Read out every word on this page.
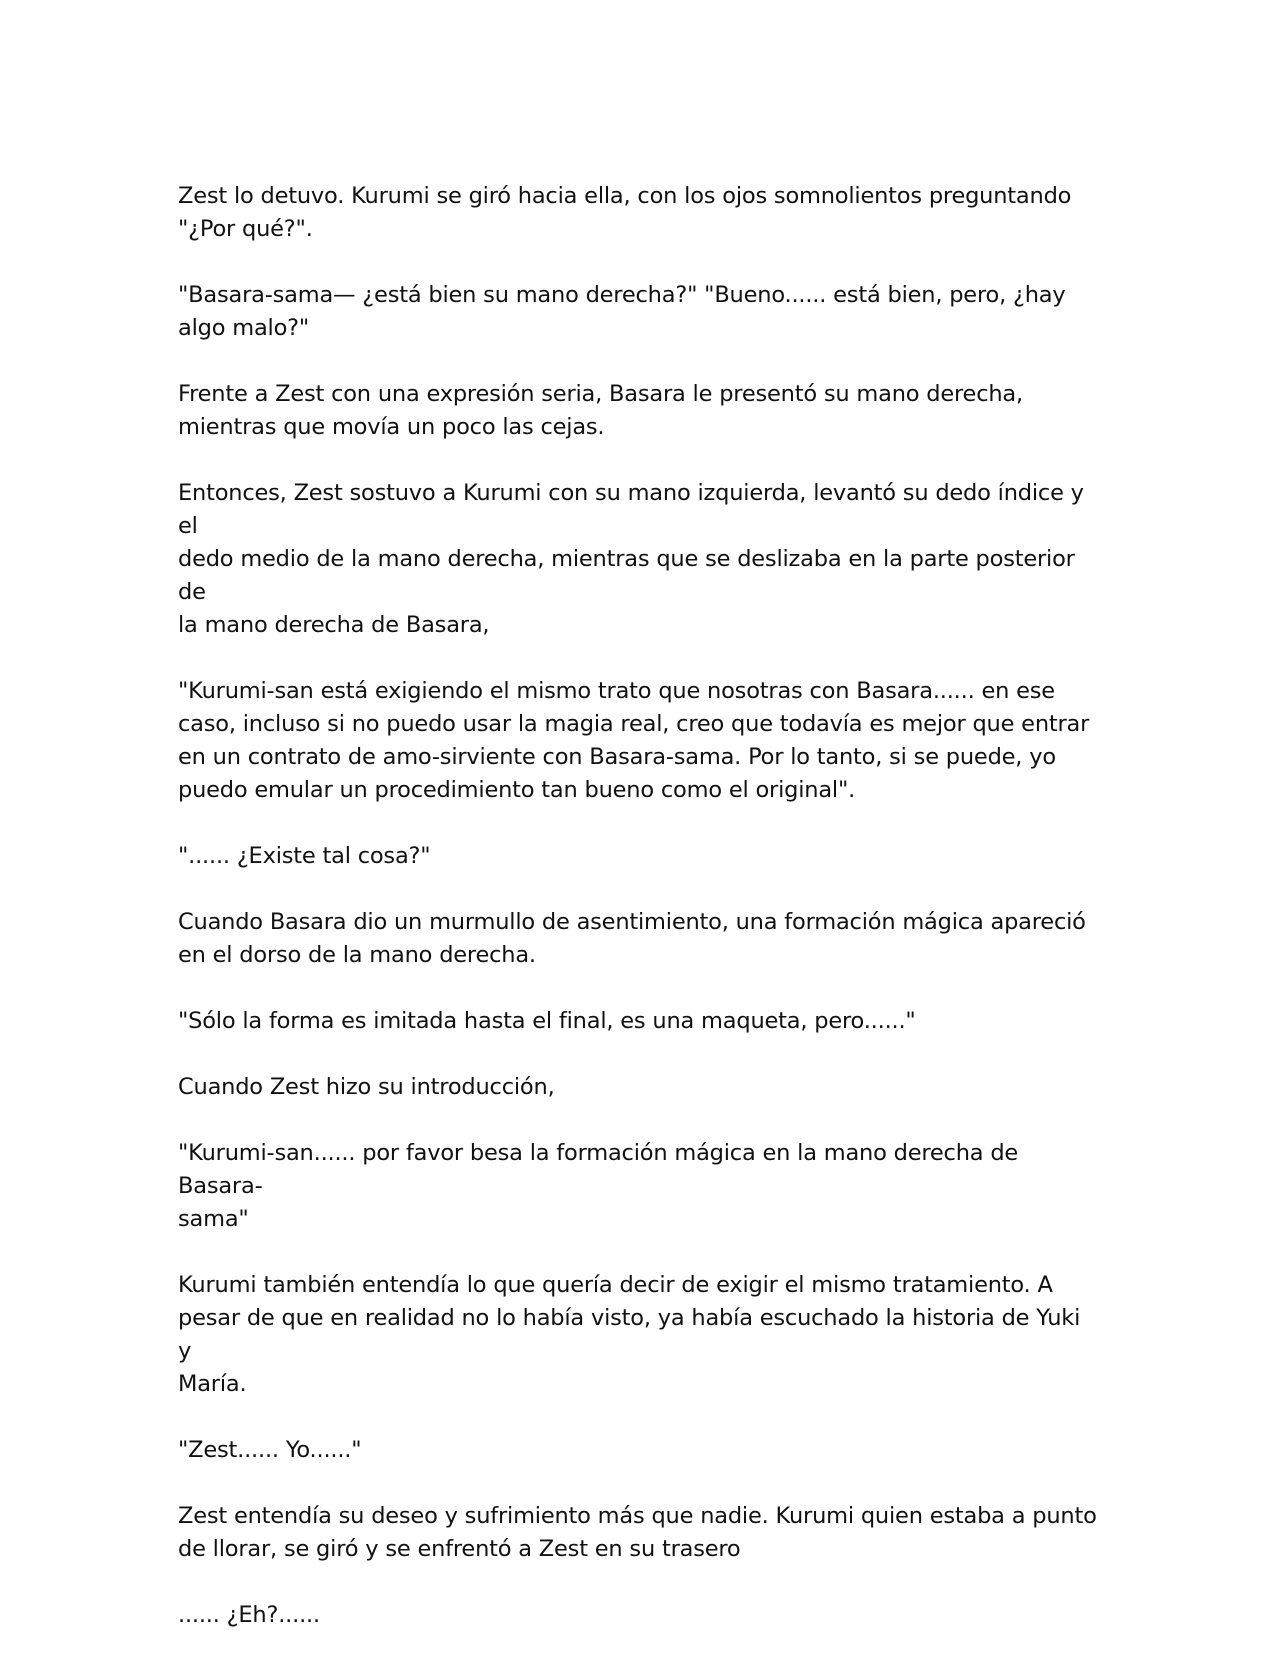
Zest lo detuvo. Kurumi se giró hacia ella, con los ojos somnolientos preguntando
"¿Por qué?".

"Basara-sama— ¿está bien su mano derecha?" "Bueno...... está bien, pero, ¿hay
algo malo?"

Frente a Zest con una expresión seria, Basara le presentó su mano derecha,
mientras que movía un poco las cejas.

Entonces, Zest sostuvo a Kurumi con su mano izquierda, levantó su dedo índice y el
dedo medio de la mano derecha, mientras que se deslizaba en la parte posterior de
la mano derecha de Basara,

"Kurumi-san está exigiendo el mismo trato que nosotras con Basara...... en ese
caso, incluso si no puedo usar la magia real, creo que todavía es mejor que entrar
en un contrato de amo-sirviente con Basara-sama. Por lo tanto, si se puede, yo
puedo emular un procedimiento tan bueno como el original".

"...... ¿Existe tal cosa?"

Cuando Basara dio un murmullo de asentimiento, una formación mágica apareció
en el dorso de la mano derecha.

"Sólo la forma es imitada hasta el final, es una maqueta, pero......"

Cuando Zest hizo su introducción,

"Kurumi-san...... por favor besa la formación mágica en la mano derecha de Basara-
sama"

Kurumi también entendía lo que quería decir de exigir el mismo tratamiento. A
pesar de que en realidad no lo había visto, ya había escuchado la historia de Yuki y
María.

"Zest...... Yo......"

Zest entendía su deseo y sufrimiento más que nadie. Kurumi quien estaba a punto
de llorar, se giró y se enfrentó a Zest en su trasero

...... ¿Eh?......
